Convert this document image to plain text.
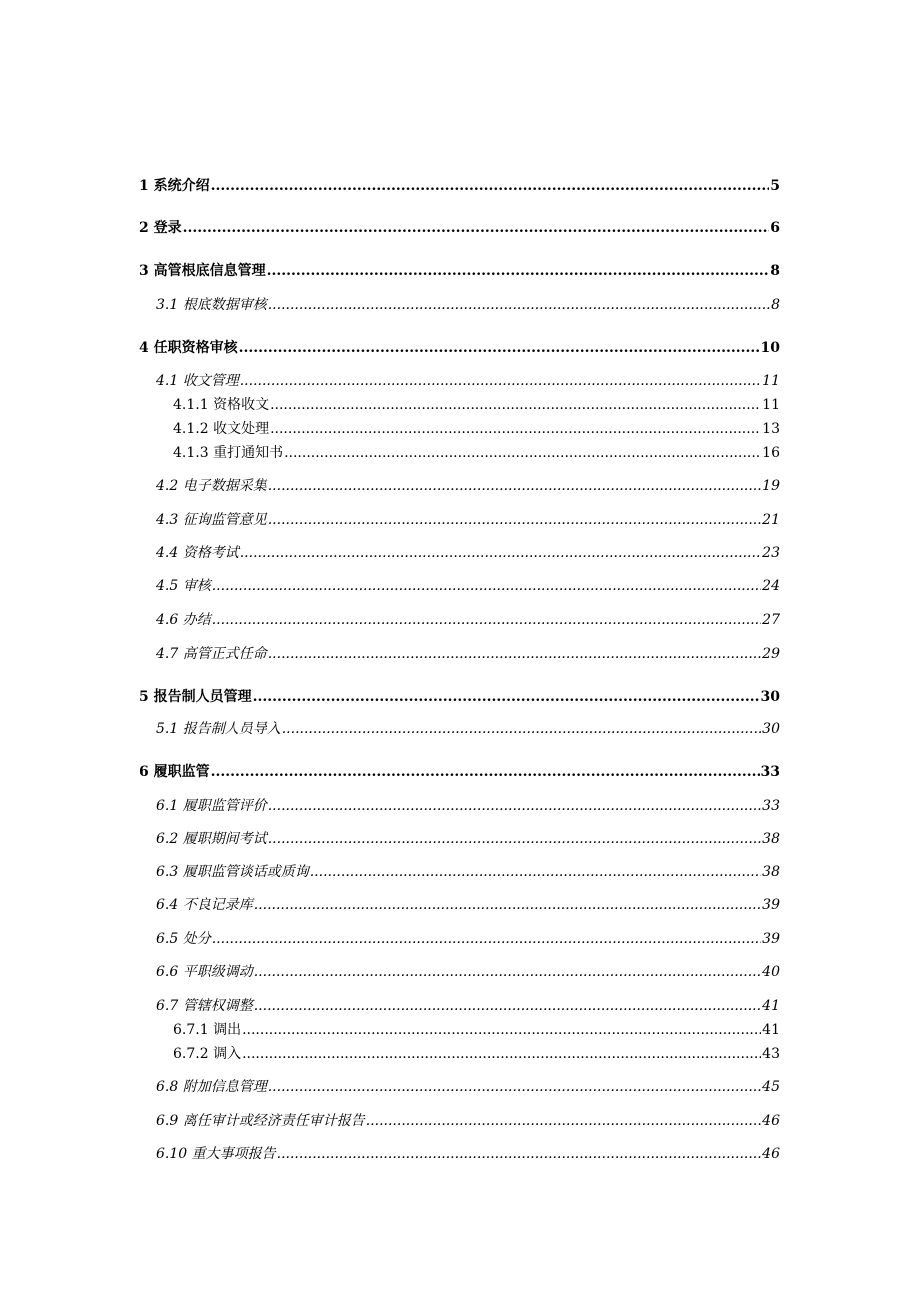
1 系统介绍 .....	5
2 登录 .....	6
3 高管根底信息管理 .....	8
3.1 根底数据审核 .....	8
4 任职资格审核 .....	10
4.1 收文管理 .....	11
4.1.1 资格收文 .....	11
4.1.2 收文处理 .....	13
4.1.3 重打通知书 .....	16
4.2 电子数据采集 .....	19
4.3 征询监管意见 .....	21
4.4 资格考试 .....	23
4.5 审核 .....	24
4.6 办结 .....	27
4.7 高管正式任命 .....	29
5 报告制人员管理 .....	30
5.1 报告制人员导入 .....	30
6 履职监管 .....	33
6.1 履职监管评价 .....	33
6.2 履职期间考试 .....	38
6.3 履职监管谈话或质询 .....	38
6.4 不良记录库 .....	39
6.5 处分 .....	39
6.6 平职级调动 .....	40
6.7 管辖权调整 .....	41
6.7.1 调出 .....	41
6.7.2 调入 .....	43
6.8 附加信息管理 .....	45
6.9 离任审计或经济责任审计报告 .....	46
6.10 重大事项报告 .....	46
